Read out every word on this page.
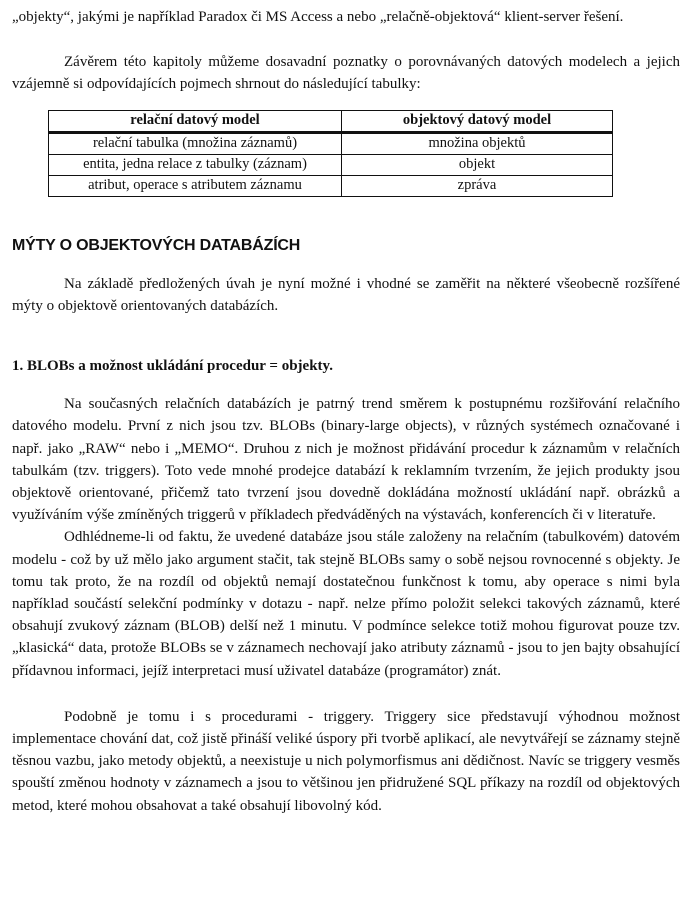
„objekty“, jakými je například Paradox či MS Access a nebo „relačně-objektová“ klient-server řešení.

Závěrem této kapitoly můžeme dosavadní poznatky o porovnávaných datových modelech a jejich vzájemně si odpovídajících pojmech shrnout do následující tabulky:

relační datový model	objektový datový model
relační tabulka (množina záznamů)	množina objektů
entita, jedna relace z tabulky (záznam)	objekt
atribut, operace s atributem záznamu	zpráva
MÝTY O OBJEKTOVÝCH DATABÁZÍCH

Na základě předložených úvah je nyní možné i vhodné se zaměřit na některé všeobecně rozšířené mýty o objektově orientovaných databázích.

1. BLOBs a možnost ukládání procedur = objekty.

Na současných relačních databázích je patrný trend směrem k postupnému rozšiřování relačního datového modelu. První z nich jsou tzv. BLOBs (binary-large objects), v různých systémech označované i např. jako „RAW“ nebo i „MEMO“. Druhou z nich je možnost přidávání procedur k záznamům v relačních tabulkám (tzv. triggers). Toto vede mnohé prodejce databází k reklamním tvrzením, že jejich produkty jsou objektově orientované, přičemž tato tvrzení jsou dovedně dokládána možností ukládání např. obrázků a využíváním výše zmíněných triggerů v příkladech předváděných na výstavách, konferencích či v literatuře.

Odhlédneme-li od faktu, že uvedené databáze jsou stále založeny na relačním (tabulkovém) datovém modelu - což by už mělo jako argument stačit, tak stejně BLOBs samy o sobě nejsou rovnocenné s objekty. Je tomu tak proto, že na rozdíl od objektů nemají dostatečnou funkčnost k tomu, aby operace s nimi byla například součástí selekční podmínky v dotazu - např. nelze přímo položit selekci takových záznamů, které obsahují zvukový záznam (BLOB) delší než 1 minutu. V podmínce selekce totiž mohou figurovat pouze tzv. „klasická“ data, protože BLOBs se v záznamech nechovají jako atributy záznamů - jsou to jen bajty obsahující přídavnou informaci, jejíž interpretaci musí uživatel databáze (programátor) znát.

Podobně je tomu i s procedurami - triggery. Triggery sice představují výhodnou možnost implementace chování dat, což jistě přináší veliké úspory při tvorbě aplikací, ale nevytvářejí se záznamy stejně těsnou vazbu, jako metody objektů, a neexistuje u nich polymorfismus ani dědičnost. Navíc se triggery vesměs spouští změnou hodnoty v záznamech a jsou to většinou jen přidružené SQL příkazy na rozdíl od objektových metod, které mohou obsahovat a také obsahují libovolný kód.
